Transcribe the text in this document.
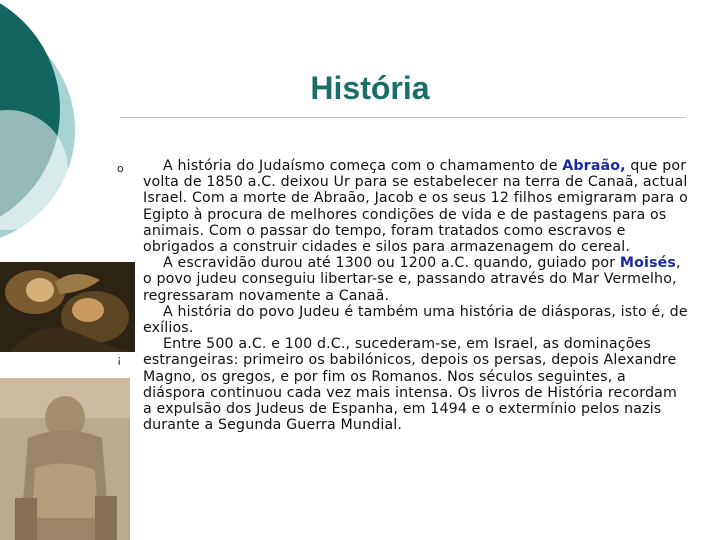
História
o
¡

A história do Judaísmo começa com o chamamento de Abraão, que por volta de 1850 a.C. deixou Ur para se estabelecer na terra de Canaã, actual Israel. Com a morte de Abraão, Jacob e os seus 12 filhos emigraram para o Egipto à procura de melhores condições de vida e de pastagens para os animais. Com o passar do tempo, foram tratados como escravos e obrigados a construir cidades e silos para armazenagem do cereal.

A escravidão durou até 1300 ou 1200 a.C. quando, guiado por Moisés, o povo judeu conseguiu libertar-se e, passando através do Mar Vermelho, regressaram novamente a Canaã.

A história do povo Judeu é também uma história de diásporas, isto é, de exílios.

Entre 500 a.C. e 100 d.C., sucederam-se, em Israel, as dominações estrangeiras: primeiro os babilónicos, depois os persas, depois Alexandre Magno, os gregos, e por fim os Romanos. Nos séculos seguintes, a diáspora continuou cada vez mais intensa. Os livros de História recordam a expulsão dos Judeus de Espanha, em 1494 e o extermínio pelos nazis durante a Segunda Guerra Mundial.
